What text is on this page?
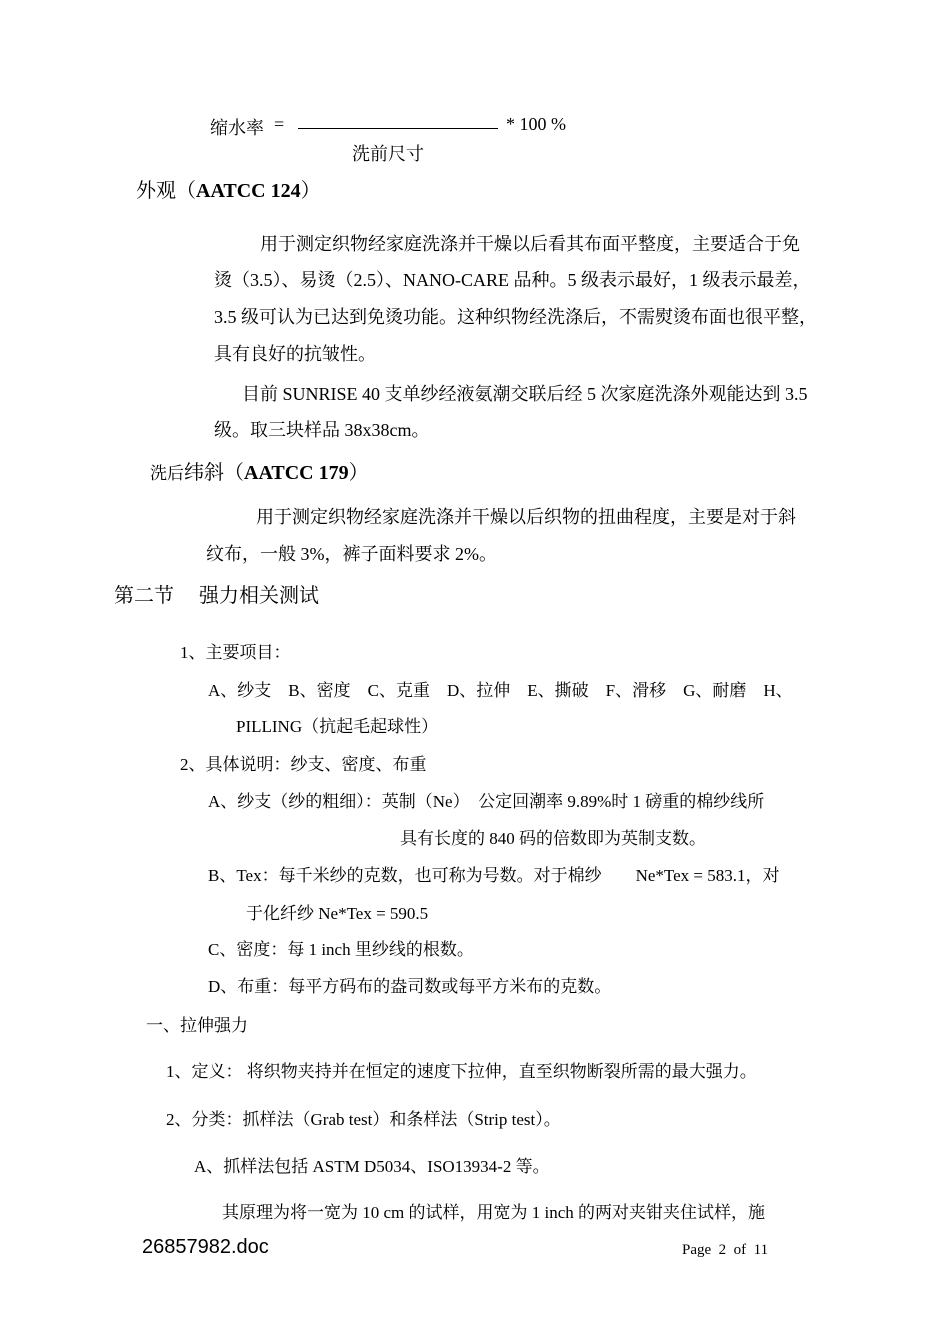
缩水率 =	* 100 %
洗前尺寸
外观（AATCC 124）
用于测定织物经家庭洗涤并干燥以后看其布面平整度，主要适合于免
烫（3.5）、易烫（2.5）、NANO-CARE 品种。5 级表示最好，1 级表示最差，
3.5 级可认为已达到免烫功能。这种织物经洗涤后，不需熨烫布面也很平整，
具有良好的抗皱性。
目前 SUNRISE 40 支单纱经液氨潮交联后经 5 次家庭洗涤外观能达到 3.5
级。取三块样品 38x38cm。
洗后纬斜（AATCC 179）
用于测定织物经家庭洗涤并干燥以后织物的扭曲程度，主要是对于斜
纹布，一般 3%，裤子面料要求 2%。
第二节　 强力相关测试
1、主要项目：
A、纱支　B、密度　C、克重　D、拉伸　E、撕破　F、滑移　G、耐磨　H、
PILLING（抗起毛起球性）
2、具体说明：纱支、密度、布重
A、纱支（纱的粗细）：英制（Ne）　公定回潮率 9.89%时 1 磅重的棉纱线所
具有长度的 840 码的倍数即为英制支数。
B、Tex：每千米纱的克数，也可称为号数。对于棉纱　　Ne*Tex = 583.1，对
于化纤纱 Ne*Tex = 590.5
C、密度：每 1 inch 里纱线的根数。
D、布重：每平方码布的盎司数或每平方米布的克数。
一、拉伸强力
1、定义： 将织物夹持并在恒定的速度下拉伸，直至织物断裂所需的最大强力。
2、分类：抓样法（Grab test）和条样法（Strip test）。
A、抓样法包括 ASTM D5034、ISO13934-2 等。
其原理为将一宽为 10 cm 的试样，用宽为 1 inch 的两对夹钳夹住试样，施
26857982.doc	Page 2 of 11
